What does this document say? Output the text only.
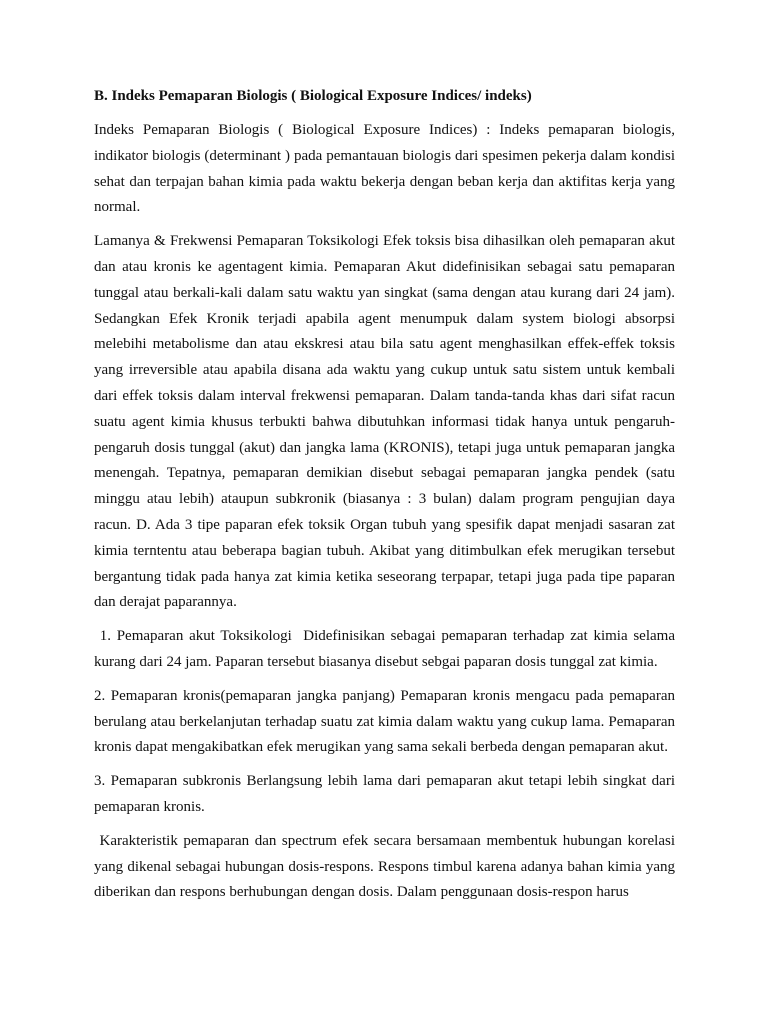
B. Indeks Pemaparan Biologis ( Biological Exposure Indices/ indeks)

Indeks Pemaparan Biologis ( Biological Exposure Indices) : Indeks pemaparan biologis, indikator biologis (determinant ) pada pemantauan biologis dari spesimen pekerja dalam kondisi sehat dan terpajan bahan kimia pada waktu bekerja dengan beban kerja dan aktifitas kerja yang normal.

Lamanya & Frekwensi Pemaparan Toksikologi Efek toksis bisa dihasilkan oleh pemaparan akut dan atau kronis ke agentagent kimia. Pemaparan Akut didefinisikan sebagai satu pemaparan tunggal atau berkali-kali dalam satu waktu yan singkat (sama dengan atau kurang dari 24 jam). Sedangkan Efek Kronik terjadi apabila agent menumpuk dalam system biologi absorpsi melebihi metabolisme dan atau ekskresi atau bila satu agent menghasilkan effek-effek toksis yang irreversible atau apabila disana ada waktu yang cukup untuk satu sistem untuk kembali dari effek toksis dalam interval frekwensi pemaparan. Dalam tanda-tanda khas dari sifat racun suatu agent kimia khusus terbukti bahwa dibutuhkan informasi tidak hanya untuk pengaruh-pengaruh dosis tunggal (akut) dan jangka lama (KRONIS), tetapi juga untuk pemaparan jangka menengah. Tepatnya, pemaparan demikian disebut sebagai pemaparan jangka pendek (satu minggu atau lebih) ataupun subkronik (biasanya : 3 bulan) dalam program pengujian daya racun. D. Ada 3 tipe paparan efek toksik Organ tubuh yang spesifik dapat menjadi sasaran zat kimia terntentu atau beberapa bagian tubuh. Akibat yang ditimbulkan efek merugikan tersebut bergantung tidak pada hanya zat kimia ketika seseorang terpapar, tetapi juga pada tipe paparan dan derajat paparannya.

1. Pemaparan akut Toksikologi  Didefinisikan sebagai pemaparan terhadap zat kimia selama kurang dari 24 jam. Paparan tersebut biasanya disebut sebgai paparan dosis tunggal zat kimia.

2. Pemaparan kronis(pemaparan jangka panjang) Pemaparan kronis mengacu pada pemaparan berulang atau berkelanjutan terhadap suatu zat kimia dalam waktu yang cukup lama. Pemaparan kronis dapat mengakibatkan efek merugikan yang sama sekali berbeda dengan pemaparan akut.

3. Pemaparan subkronis Berlangsung lebih lama dari pemaparan akut tetapi lebih singkat dari pemaparan kronis.

Karakteristik pemaparan dan spectrum efek secara bersamaan membentuk hubungan korelasi yang dikenal sebagai hubungan dosis-respons. Respons timbul karena adanya bahan kimia yang diberikan dan respons berhubungan dengan dosis. Dalam penggunaan dosis-respon harus
